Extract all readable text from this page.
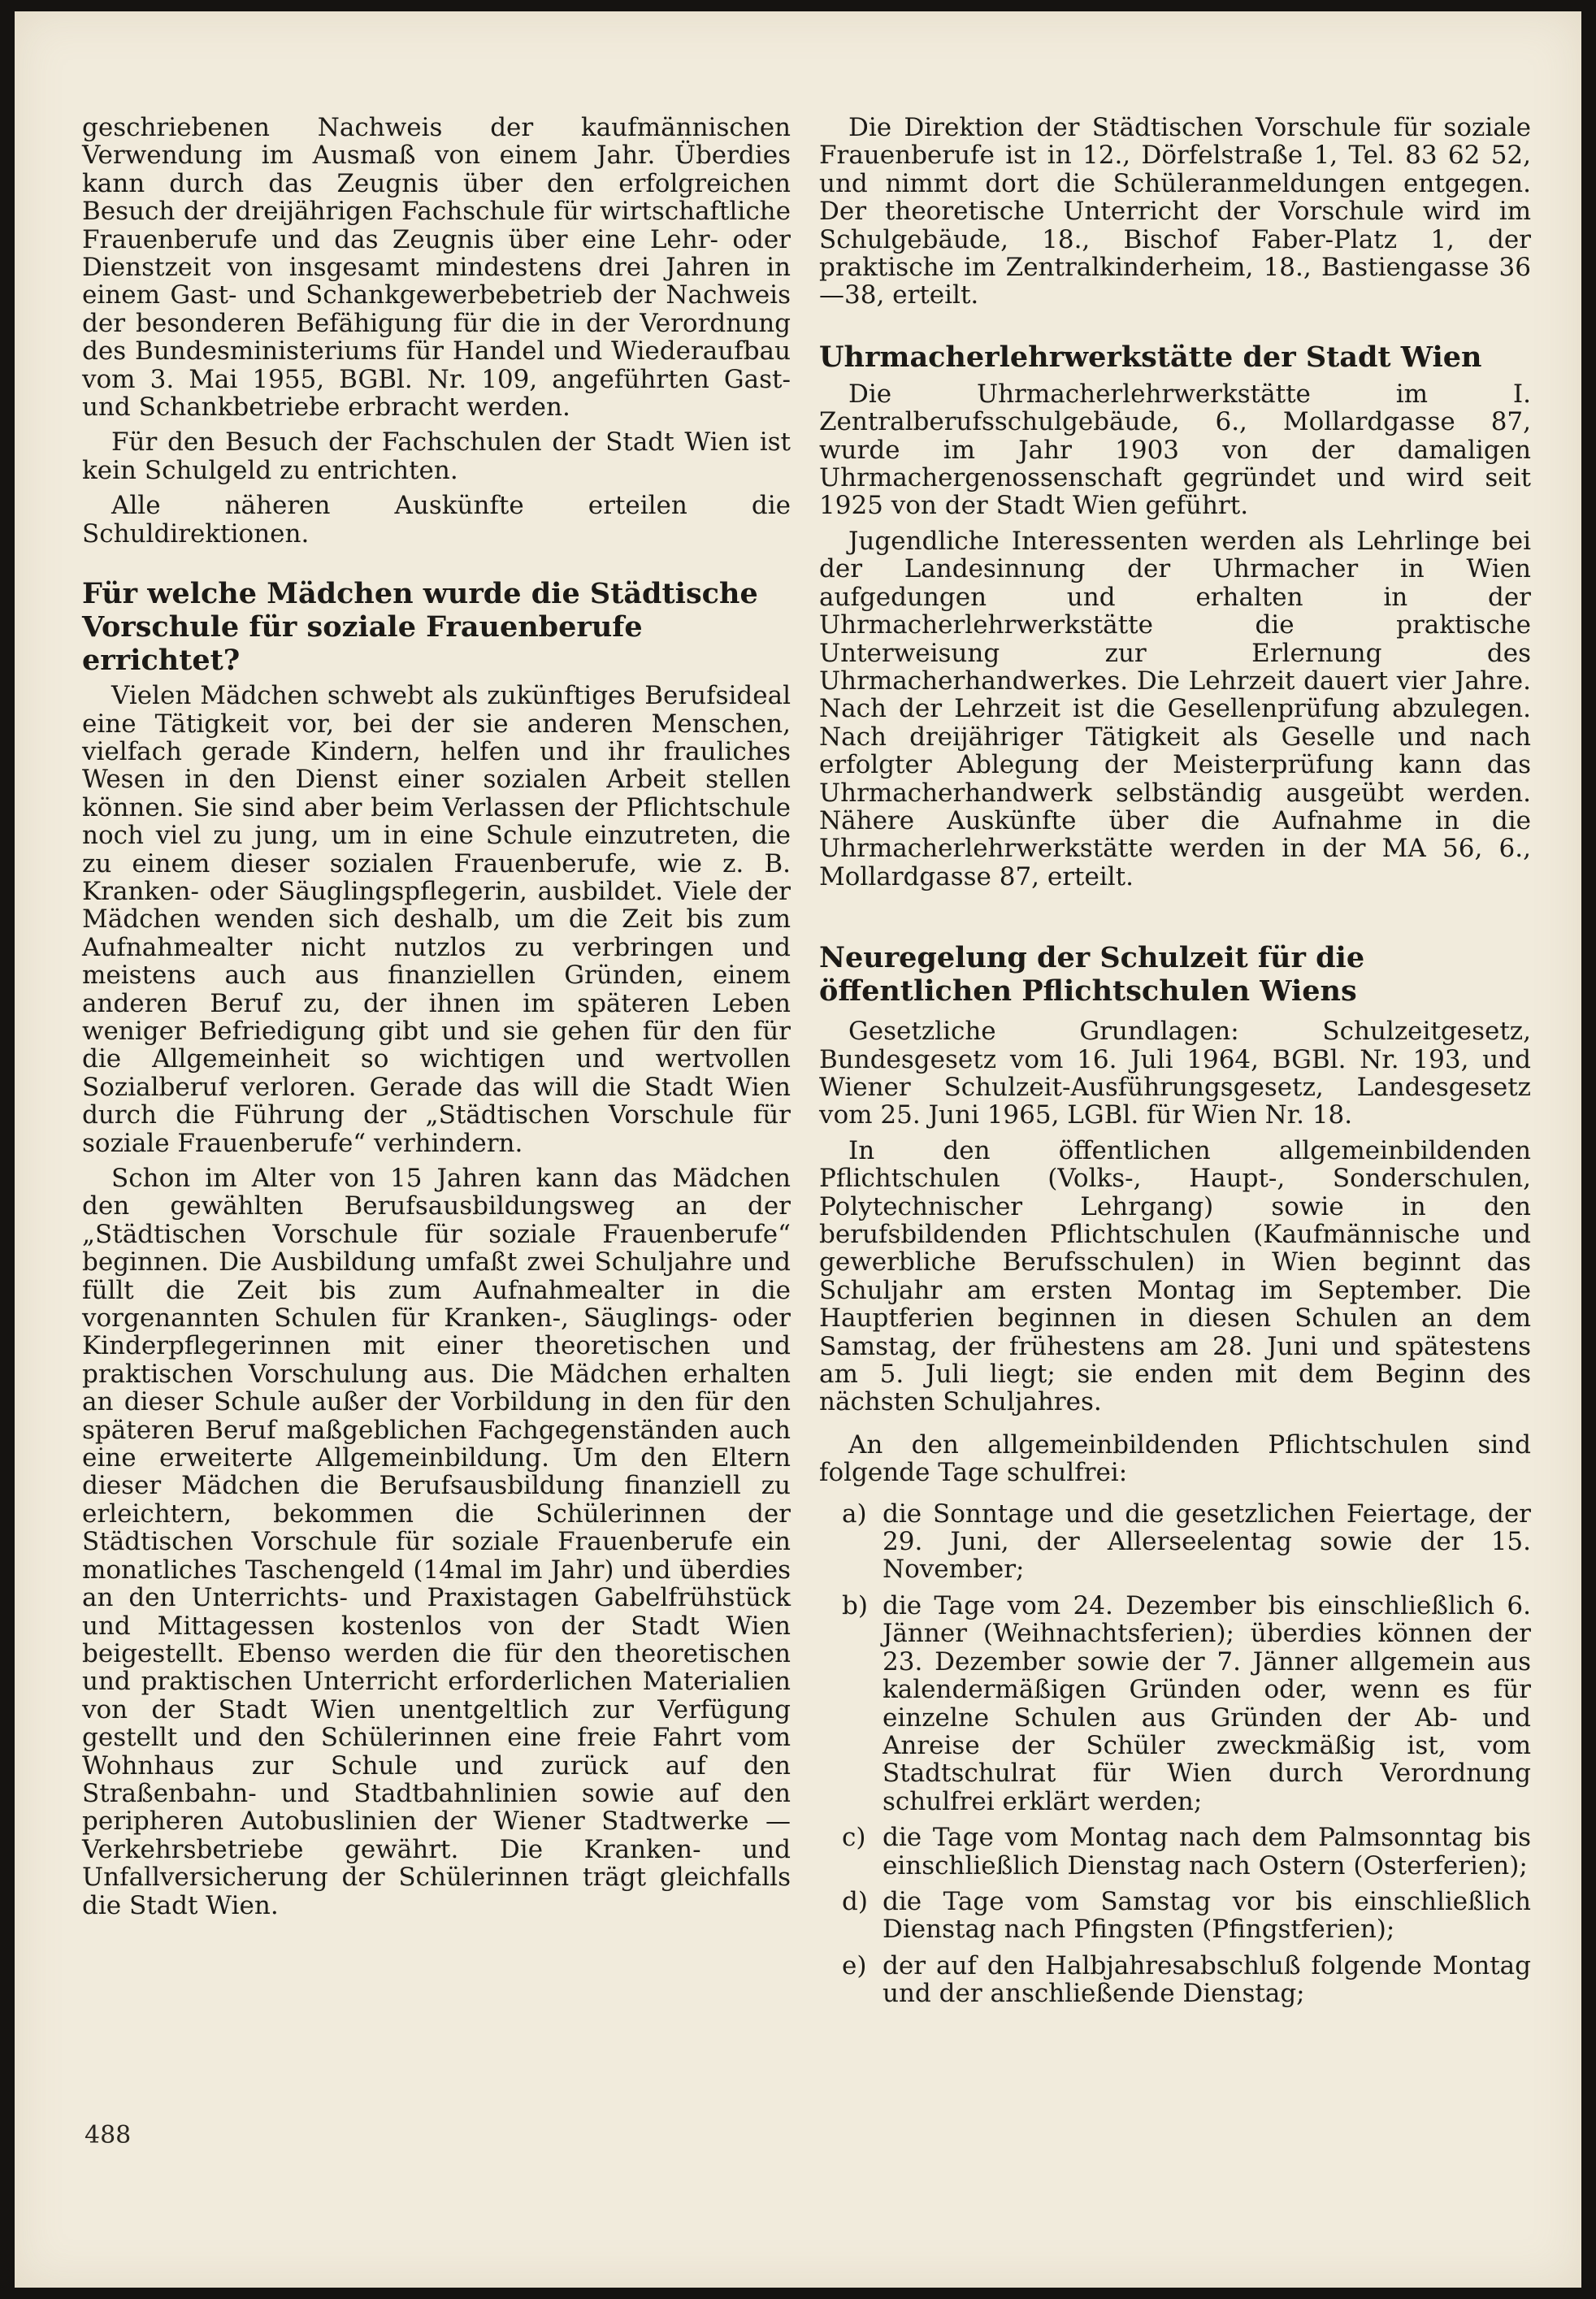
geschriebenen Nachweis der kaufmännischen Verwendung im Ausmaß von einem Jahr. Überdies kann durch das Zeugnis über den erfolgreichen Besuch der dreijährigen Fachschule für wirtschaftliche Frauenberufe und das Zeugnis über eine Lehr- oder Dienstzeit von insgesamt mindestens drei Jahren in einem Gast- und Schankgewerbebetrieb der Nachweis der besonderen Befähigung für die in der Verordnung des Bundesministeriums für Handel und Wiederaufbau vom 3. Mai 1955, BGBl. Nr. 109, angeführten Gast- und Schankbetriebe erbracht werden.

Für den Besuch der Fachschulen der Stadt Wien ist kein Schulgeld zu entrichten.

Alle näheren Auskünfte erteilen die Schuldirektionen.

Für welche Mädchen wurde die Städtische Vorschule für soziale Frauenberufe errichtet?

Vielen Mädchen schwebt als zukünftiges Berufsideal eine Tätigkeit vor, bei der sie anderen Menschen, vielfach gerade Kindern, helfen und ihr frauliches Wesen in den Dienst einer sozialen Arbeit stellen können. Sie sind aber beim Verlassen der Pflichtschule noch viel zu jung, um in eine Schule einzutreten, die zu einem dieser sozialen Frauenberufe, wie z. B. Kranken- oder Säuglingspflegerin, ausbildet. Viele der Mädchen wenden sich deshalb, um die Zeit bis zum Aufnahmealter nicht nutzlos zu verbringen und meistens auch aus finanziellen Gründen, einem anderen Beruf zu, der ihnen im späteren Leben weniger Befriedigung gibt und sie gehen für den für die Allgemeinheit so wichtigen und wertvollen Sozialberuf verloren. Gerade das will die Stadt Wien durch die Führung der „Städtischen Vorschule für soziale Frauenberufe“ verhindern.

Schon im Alter von 15 Jahren kann das Mädchen den gewählten Berufsausbildungsweg an der „Städtischen Vorschule für soziale Frauenberufe“ beginnen. Die Ausbildung umfaßt zwei Schuljahre und füllt die Zeit bis zum Aufnahmealter in die vorgenannten Schulen für Kranken-, Säuglings- oder Kinderpflegerinnen mit einer theoretischen und praktischen Vorschulung aus. Die Mädchen erhalten an dieser Schule außer der Vorbildung in den für den späteren Beruf maßgeblichen Fachgegenständen auch eine erweiterte Allgemeinbildung. Um den Eltern dieser Mädchen die Berufsausbildung finanziell zu erleichtern, bekommen die Schülerinnen der Städtischen Vorschule für soziale Frauenberufe ein monatliches Taschengeld (14mal im Jahr) und überdies an den Unterrichts- und Praxistagen Gabelfrühstück und Mittagessen kostenlos von der Stadt Wien beigestellt. Ebenso werden die für den theoretischen und praktischen Unterricht erforderlichen Materialien von der Stadt Wien unentgeltlich zur Verfügung gestellt und den Schülerinnen eine freie Fahrt vom Wohnhaus zur Schule und zurück auf den Straßenbahn- und Stadtbahnlinien sowie auf den peripheren Autobuslinien der Wiener Stadtwerke — Verkehrsbetriebe gewährt. Die Kranken- und Unfallversicherung der Schülerinnen trägt gleichfalls die Stadt Wien.

Die Direktion der Städtischen Vorschule für soziale Frauenberufe ist in 12., Dörfelstraße 1, Tel. 83 62 52, und nimmt dort die Schüleranmeldungen entgegen. Der theoretische Unterricht der Vorschule wird im Schulgebäude, 18., Bischof Faber-Platz 1, der praktische im Zentralkinderheim, 18., Bastiengasse 36—38, erteilt.

Uhrmacherlehrwerkstätte der Stadt Wien

Die Uhrmacherlehrwerkstätte im I. Zentralberufsschulgebäude, 6., Mollardgasse 87, wurde im Jahr 1903 von der damaligen Uhrmachergenossenschaft gegründet und wird seit 1925 von der Stadt Wien geführt.

Jugendliche Interessenten werden als Lehrlinge bei der Landesinnung der Uhrmacher in Wien aufgedungen und erhalten in der Uhrmacherlehrwerkstätte die praktische Unterweisung zur Erlernung des Uhrmacherhandwerkes. Die Lehrzeit dauert vier Jahre. Nach der Lehrzeit ist die Gesellenprüfung abzulegen. Nach dreijähriger Tätigkeit als Geselle und nach erfolgter Ablegung der Meisterprüfung kann das Uhrmacherhandwerk selbständig ausgeübt werden. Nähere Auskünfte über die Aufnahme in die Uhrmacherlehrwerkstätte werden in der MA 56, 6., Mollardgasse 87, erteilt.

Neuregelung der Schulzeit für die öffentlichen Pflichtschulen Wiens

Gesetzliche Grundlagen: Schulzeitgesetz, Bundesgesetz vom 16. Juli 1964, BGBl. Nr. 193, und Wiener Schulzeit-Ausführungsgesetz, Landesgesetz vom 25. Juni 1965, LGBl. für Wien Nr. 18.

In den öffentlichen allgemeinbildenden Pflichtschulen (Volks-, Haupt-, Sonderschulen, Polytechnischer Lehrgang) sowie in den berufsbildenden Pflichtschulen (Kaufmännische und gewerbliche Berufsschulen) in Wien beginnt das Schuljahr am ersten Montag im September. Die Hauptferien beginnen in diesen Schulen an dem Samstag, der frühestens am 28. Juni und spätestens am 5. Juli liegt; sie enden mit dem Beginn des nächsten Schuljahres.

An den allgemeinbildenden Pflichtschulen sind folgende Tage schulfrei:

a) die Sonntage und die gesetzlichen Feiertage, der 29. Juni, der Allerseelentag sowie der 15. November;
b) die Tage vom 24. Dezember bis einschließlich 6. Jänner (Weihnachtsferien); überdies können der 23. Dezember sowie der 7. Jänner allgemein aus kalendermäßigen Gründen oder, wenn es für einzelne Schulen aus Gründen der Ab- und Anreise der Schüler zweckmäßig ist, vom Stadtschulrat für Wien durch Verordnung schulfrei erklärt werden;
c) die Tage vom Montag nach dem Palmsonntag bis einschließlich Dienstag nach Ostern (Osterferien);
d) die Tage vom Samstag vor bis einschließlich Dienstag nach Pfingsten (Pfingstferien);
e) der auf den Halbjahresabschluß folgende Montag und der anschließende Dienstag;
488
